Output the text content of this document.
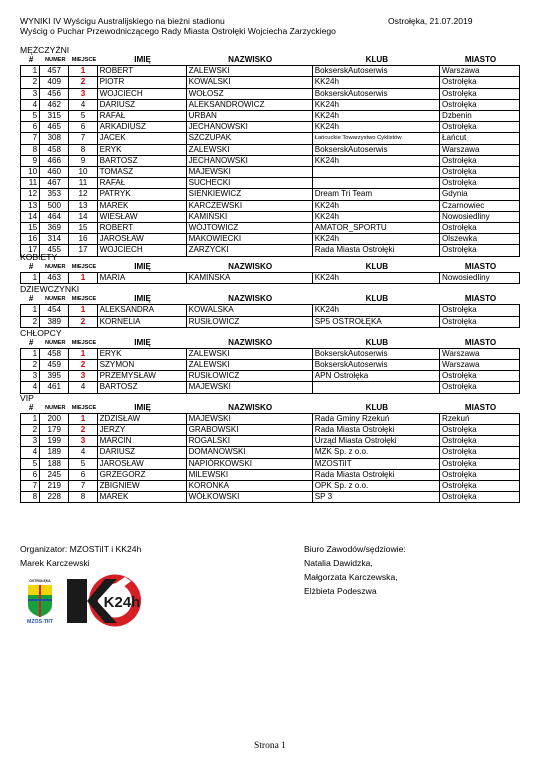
WYNIKI IV Wyścigu Australijskiego na bieżni stadionu	Ostrołęka, 21.07.2019
Wyścig o Puchar Przewodniczącego Rady Miasta Ostrołęki Wojciecha Zarzyckiego
MĘŻCZYŹNI
#	NUMER	MIEJSCE	IMIĘ	NAZWISKO	KLUB	MIASTO
1	457	1	ROBERT	ZALEWSKI	BokserskAutoserwis	Warszawa
2	409	2	PIOTR	KOWALSKI	KK24h	Ostrołęka
3	456	3	WOJCIECH	WOŁOSZ	BokserskAutoserwis	Ostrołęka
4	462	4	DARIUSZ	ALEKSANDROWICZ	KK24h	Ostrołęka
5	315	5	RAFAŁ	URBAN	KK24h	Dzbenin
6	465	6	ARKADIUSZ	JECHANOWSKI	KK24h	Ostrołęka
7	308	7	JACEK	SZCZUPAK	Łańcuckie Towarzystwo Cyklistów	Łańcut
8	458	8	ERYK	ZALEWSKI	BokserskAutoserwis	Warszawa
9	466	9	BARTOSZ	JECHANOWSKI	KK24h	Ostrołęka
10	460	10	TOMASZ	MAJEWSKI		Ostrołęka
11	467	11	RAFAŁ	SUCHECKI		Ostrołęka
12	353	12	PATRYK	SIENKIEWICZ	Dream Tri Team	Gdynia
13	500	13	MAREK	KARCZEWSKI	KK24h	Czarnowiec
14	464	14	WIESŁAW	KAMIŃSKI	KK24h	Nowosiedliny
15	369	15	ROBERT	WÓJTOWICZ	AMATOR_SPORTU	Ostrołęka
16	314	16	JAROSŁAW	MAKOWIECKI	KK24h	Olszewka
17	455	17	WOJCIECH	ZARZYCKI	Rada Miasta Ostrołęki	Ostrołęka
KOBIETY
#	NUMER	MIEJSCE	IMIĘ	NAZWISKO	KLUB	MIASTO
1	463	1	MARIA	KAMIŃSKA	KK24h	Nowosiedliny
DZIEWCZYNKI
#	NUMER	MIEJSCE	IMIĘ	NAZWISKO	KLUB	MIASTO
1	454	1	ALEKSANDRA	KOWALSKA	KK24h	Ostrołęka
2	389	2	KORNELIA	RUSIŁOWICZ	SP5 OSTROŁĘKA	Ostrołęka
CHŁOPCY
#	NUMER	MIEJSCE	IMIĘ	NAZWISKO	KLUB	MIASTO
1	458	1	ERYK	ZALEWSKI	BokserskAutoserwis	Warszawa
2	459	2	SZYMON	ZALEWSKI	BokserskAutoserwis	Warszawa
3	395	3	PRZEMYSŁAW	RUSIŁOWICZ	APN Ostrołęka	Ostrołęka
4	461	4	BARTOSZ	MAJEWSKI		Ostrołęka
VIP
#	NUMER	MIEJSCE	IMIĘ	NAZWISKO	KLUB	MIASTO
1	200	1	ZDZISŁAW	MAJEWSKI	Rada Gminy Rzekuń	Rzekuń
2	179	2	JERZY	GRABOWSKI	Rada Miasta Ostrołęki	Ostrołęka
3	199	3	MARCIN	ROGALSKI	Urząd Miasta Ostrołęki	Ostrołęka
4	189	4	DARIUSZ	DOMANOWSKI	MZK Sp. z o.o.	Ostrołęka
5	188	5	JAROSŁAW	NAPIÓRKOWSKI	MZOSTiIT	Ostrołęka
6	245	6	GRZEGORZ	MILEWSKI	Rada Miasta Ostrołęki	Ostrołęka
7	219	7	ZBIGNIEW	KORONKA	OPK Sp. z o.o.	Ostrołęka
8	228	8	MAREK	WÓŁKOWSKI	SP 3	Ostrołęka
Organizator: MZOSTiIT i KK24h
Marek Karczewski
Biuro Zawodów/sędziowie:
Natalia Dawidzka,
Małgorzata Karczewska,
Elżbieta Podeszwa
OSTROŁĘKA
MZOS-TIIT
K24h
Strona 1
